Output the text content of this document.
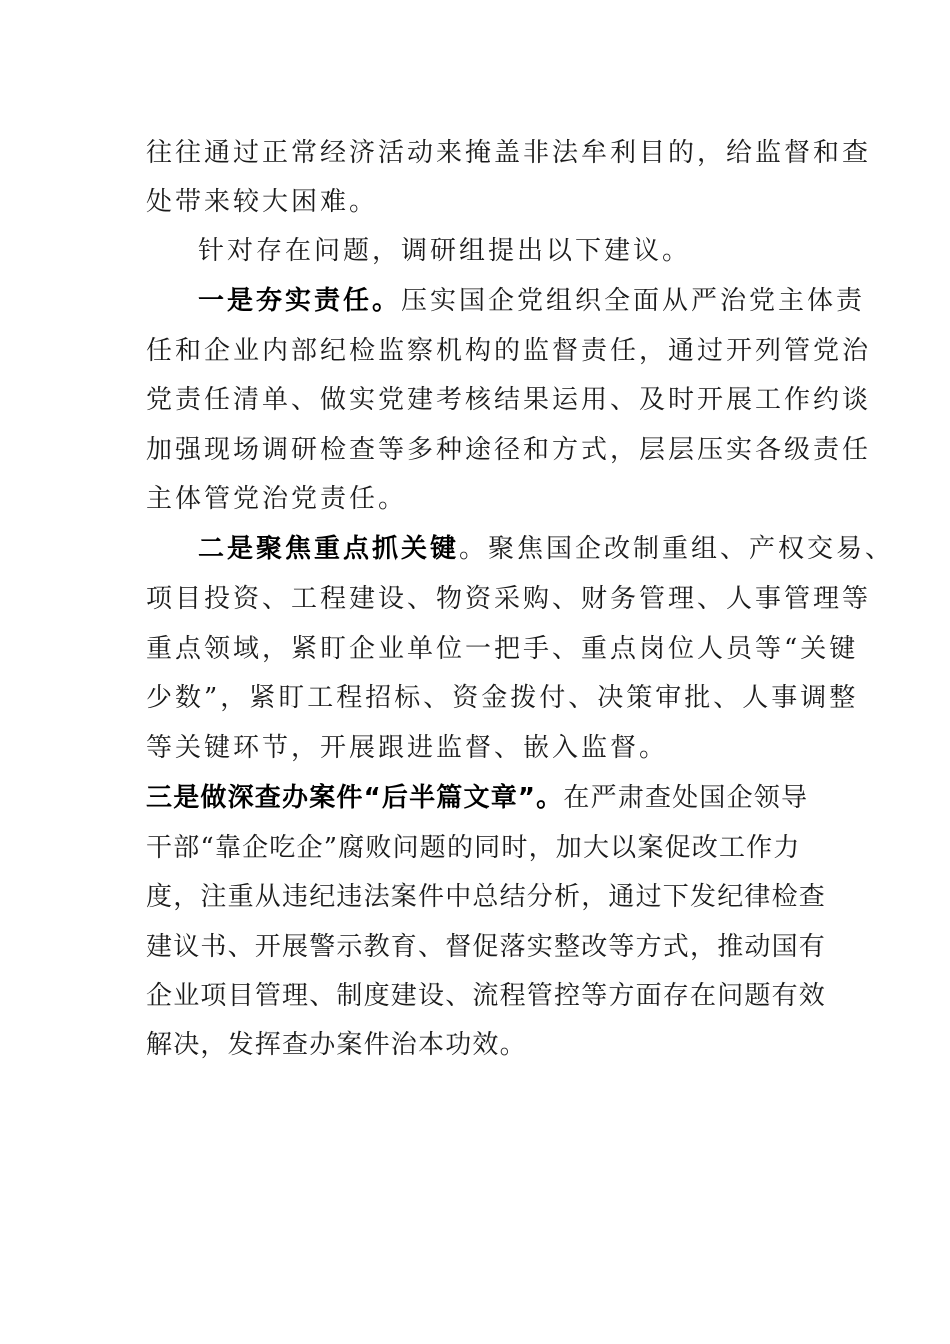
往往通过正常经济活动来掩盖非法牟利目的，给监督和查
处带来较大困难。
针对存在问题，调研组提出以下建议。
一是夯实责任。压实国企党组织全面从严治党主体责
任和企业内部纪检监察机构的监督责任，通过开列管党治
党责任清单、做实党建考核结果运用、及时开展工作约谈
加强现场调研检查等多种途径和方式，层层压实各级责任
主体管党治党责任。
二是聚焦重点抓关键。聚焦国企改制重组、产权交易、
项目投资、工程建设、物资采购、财务管理、人事管理等
重点领域，紧盯企业单位一把手、重点岗位人员等“关键
少数”，紧盯工程招标、资金拨付、决策审批、人事调整
等关键环节，开展跟进监督、嵌入监督。
三是做深查办案件“后半篇文章”。在严肃查处国企领导
干部“靠企吃企”腐败问题的同时，加大以案促改工作力
度，注重从违纪违法案件中总结分析，通过下发纪律检查
建议书、开展警示教育、督促落实整改等方式，推动国有
企业项目管理、制度建设、流程管控等方面存在问题有效
解决，发挥查办案件治本功效。
